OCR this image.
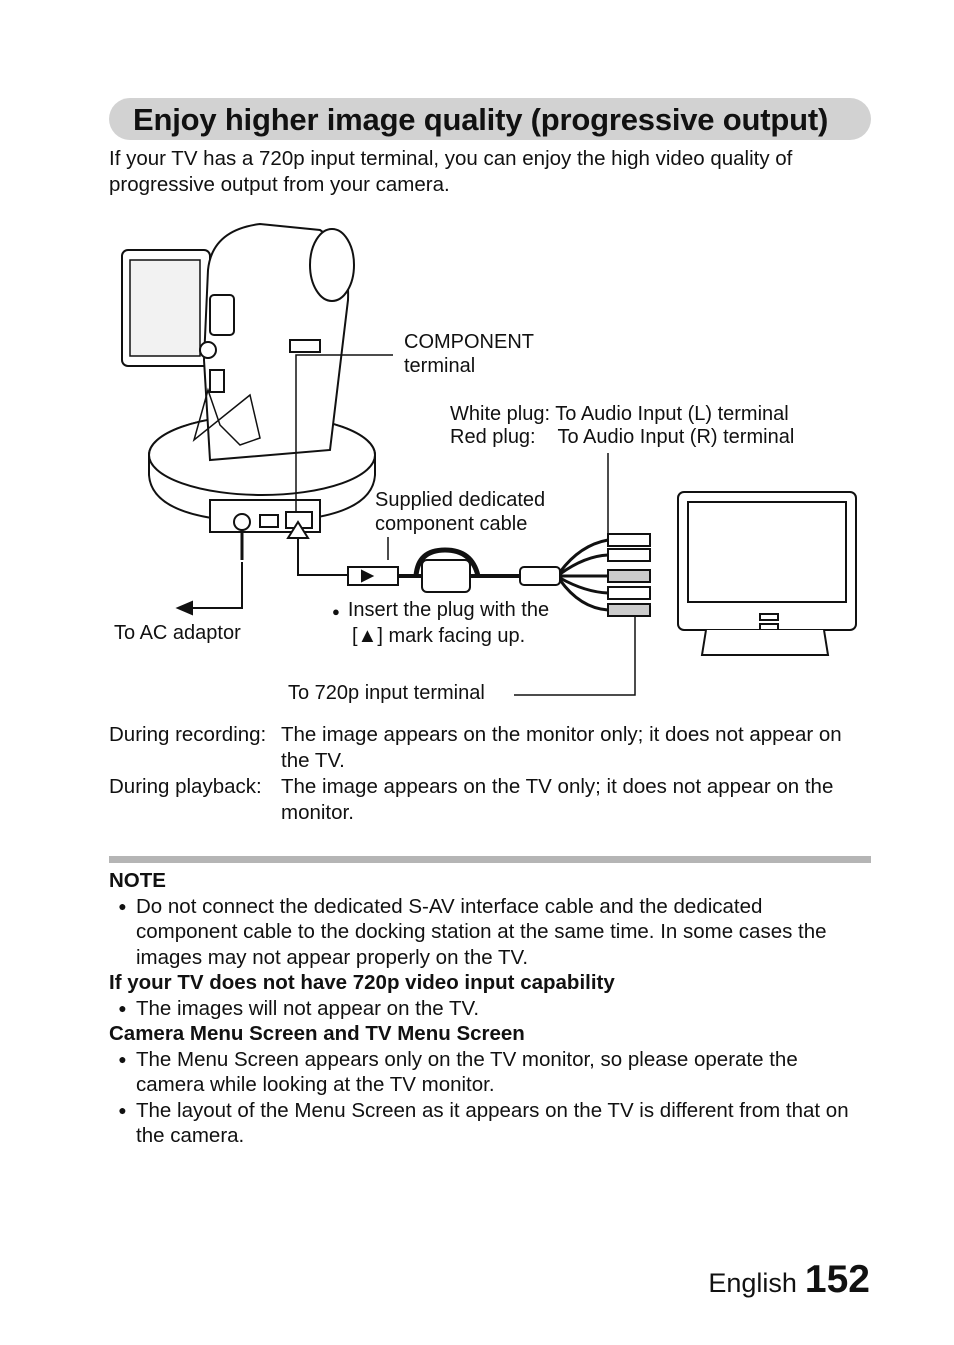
Enjoy higher image quality (progressive output)
If your TV has a 720p input terminal, you can enjoy the high video quality of progressive output from your camera.
COMPONENT
terminal
White plug: To Audio Input (L) terminal
Red plug:    To Audio Input (R) terminal
Supplied dedicated
component cable
● Insert the plug with the
[▲] mark facing up.
To AC adaptor
To 720p input terminal
During recording: The image appears on the monitor only; it does not appear on the TV.
During playback: The image appears on the TV only; it does not appear on the monitor.
NOTE
● Do not connect the dedicated S-AV interface cable and the dedicated component cable to the docking station at the same time. In some cases the images may not appear properly on the TV.
If your TV does not have 720p video input capability
● The images will not appear on the TV.
Camera Menu Screen and TV Menu Screen
● The Menu Screen appears only on the TV monitor, so please operate the camera while looking at the TV monitor.
● The layout of the Menu Screen as it appears on the TV is different from that on the camera.
English 152
